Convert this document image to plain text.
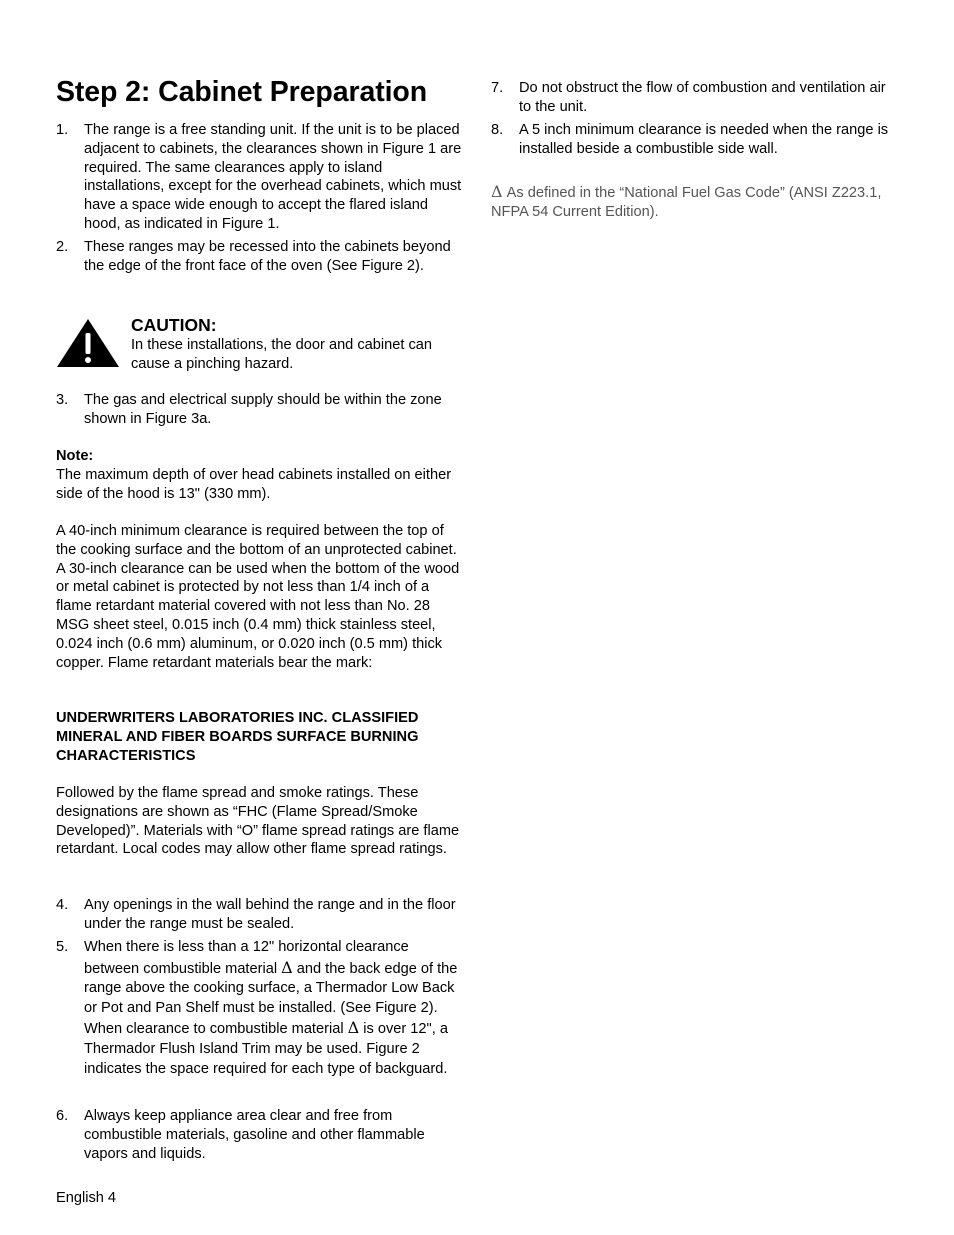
Step 2: Cabinet Preparation
1. The range is a free standing unit. If the unit is to be placed adjacent to cabinets, the clearances shown in Figure 1 are required. The same clearances apply to island installations, except for the overhead cabinets, which must have a space wide enough to accept the flared island hood, as indicated in Figure 1.
2. These ranges may be recessed into the cabinets beyond the edge of the front face of the oven (See Figure 2).
CAUTION:
In these installations, the door and cabinet can cause a pinching hazard.
3. The gas and electrical supply should be within the zone shown in Figure 3a.
Note:
The maximum depth of over head cabinets installed on either side of the hood is 13" (330 mm).
A 40-inch minimum clearance is required between the top of the cooking surface and the bottom of an unprotected cabinet. A 30-inch clearance can be used when the bottom of the wood or metal cabinet is protected by not less than 1/4 inch of a flame retardant material covered with not less than No. 28 MSG sheet steel, 0.015 inch (0.4 mm) thick stainless steel, 0.024 inch (0.6 mm) aluminum, or 0.020 inch (0.5 mm) thick copper. Flame retardant materials bear the mark:
UNDERWRITERS LABORATORIES INC. CLASSIFIED MINERAL AND FIBER BOARDS SURFACE BURNING CHARACTERISTICS
Followed by the flame spread and smoke ratings. These designations are shown as “FHC (Flame Spread/Smoke Developed)”. Materials with “O” flame spread ratings are flame retardant. Local codes may allow other flame spread ratings.
4. Any openings in the wall behind the range and in the floor under the range must be sealed.
5. When there is less than a 12" horizontal clearance between combustible material Δ and the back edge of the range above the cooking surface, a Thermador Low Back or Pot and Pan Shelf must be installed. (See Figure 2). When clearance to combustible material Δ is over 12", a Thermador Flush Island Trim may be used. Figure 2 indicates the space required for each type of backguard.
6. Always keep appliance area clear and free from combustible materials, gasoline and other flammable vapors and liquids.
7. Do not obstruct the flow of combustion and ventilation air to the unit.
8. A 5 inch minimum clearance is needed when the range is installed beside a combustible side wall.
Δ As defined in the “National Fuel Gas Code” (ANSI Z223.1, NFPA 54 Current Edition).
English 4
